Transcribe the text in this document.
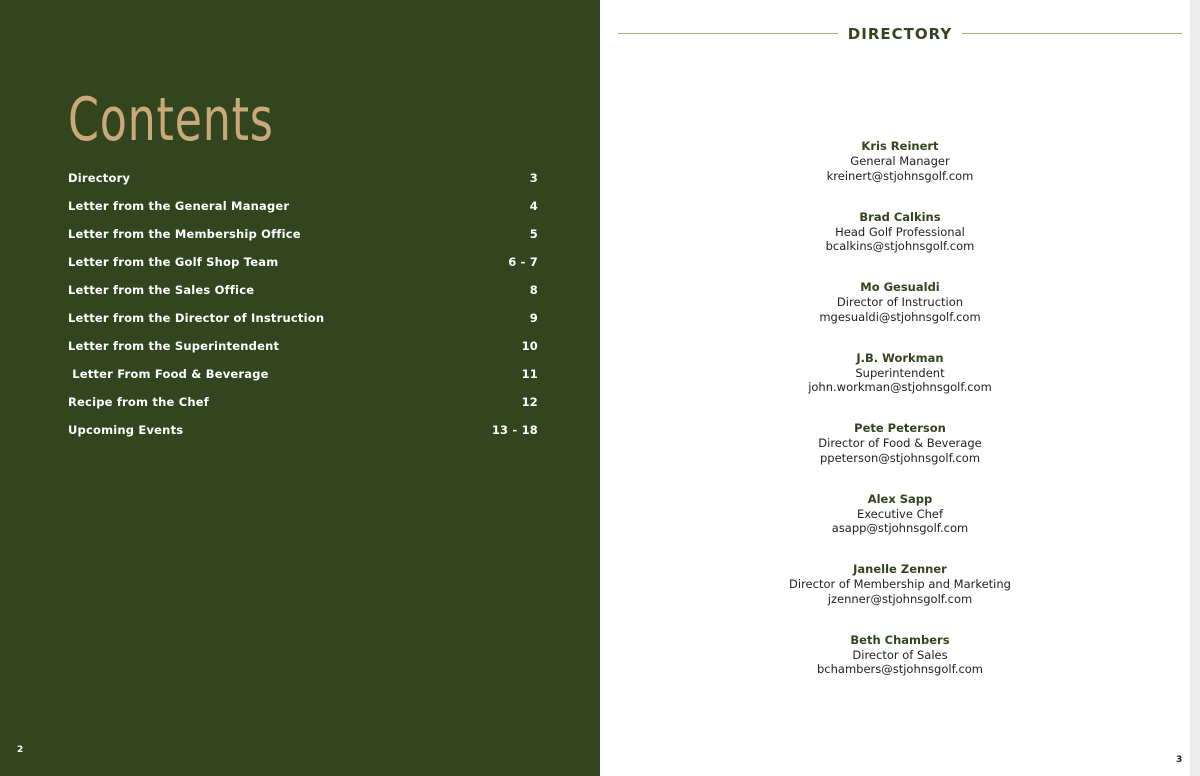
Contents
Directory	3
Letter from the General Manager	4
Letter from the Membership Office	5
Letter from the Golf Shop Team	6 - 7
Letter from the Sales Office	8
Letter from the Director of Instruction	9
Letter from the Superintendent	10
Letter From Food & Beverage	11
Recipe from the Chef	12
Upcoming Events	13 - 18
2
DIRECTORY
Kris Reinert
General Manager
kreinert@stjohnsgolf.com
Brad Calkins
Head Golf Professional
bcalkins@stjohnsgolf.com
Mo Gesualdi
Director of Instruction
mgesualdi@stjohnsgolf.com
J.B. Workman
Superintendent
john.workman@stjohnsgolf.com
Pete Peterson
Director of Food & Beverage
ppeterson@stjohnsgolf.com
Alex Sapp
Executive Chef
asapp@stjohnsgolf.com
Janelle Zenner
Director of Membership and Marketing
jzenner@stjohnsgolf.com
Beth Chambers
Director of Sales
bchambers@stjohnsgolf.com
3
